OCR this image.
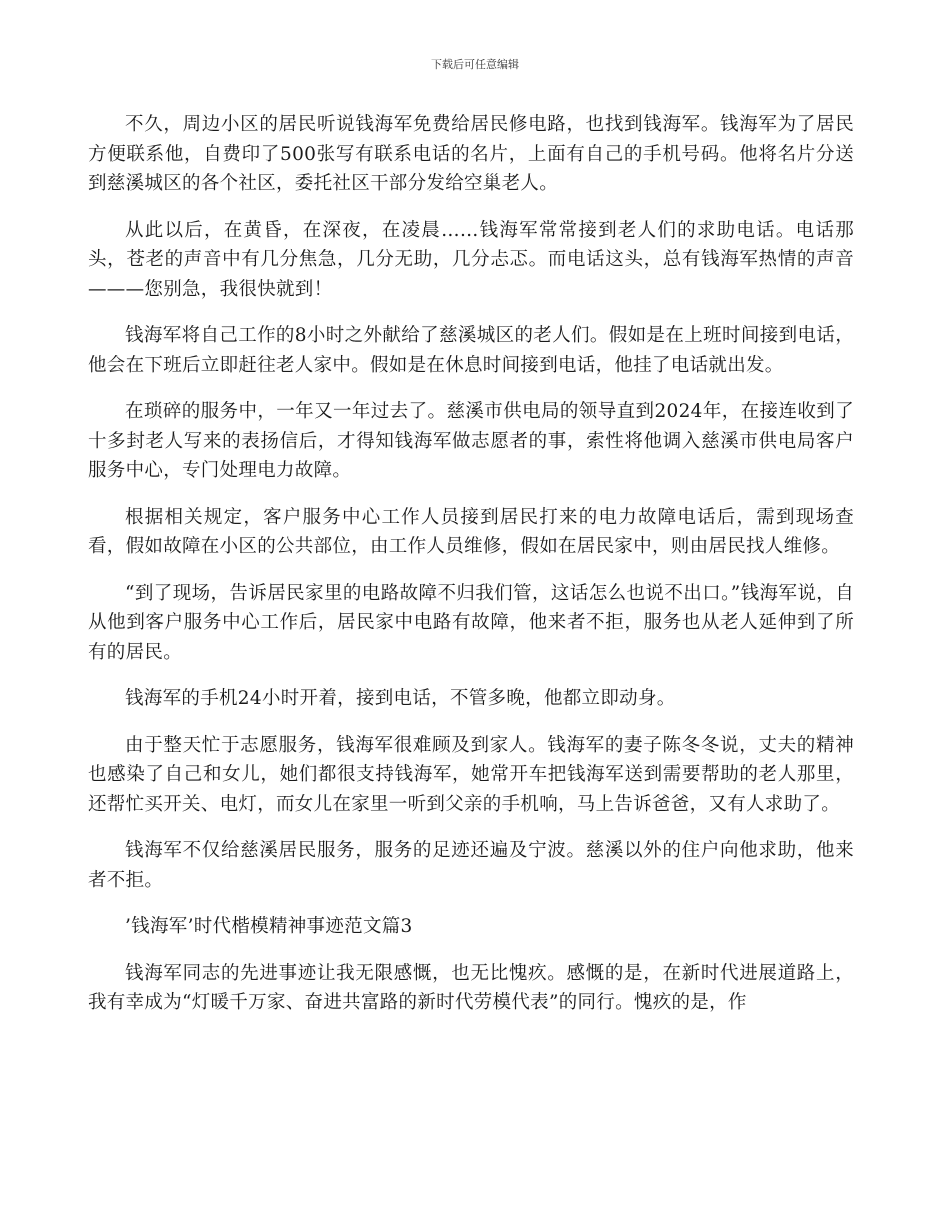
下载后可任意编辑

不久，周边小区的居民听说钱海军免费给居民修电路，也找到钱海军。钱海军为了居民方便联系他，自费印了500张写有联系电话的名片，上面有自己的手机号码。他将名片分送到慈溪城区的各个社区，委托社区干部分发给空巢老人。

从此以后，在黄昏，在深夜，在凌晨……钱海军常常接到老人们的求助电话。电话那头，苍老的声音中有几分焦急，几分无助，几分忐忑。而电话这头，总有钱海军热情的声音———您别急，我很快就到！

钱海军将自己工作的8小时之外献给了慈溪城区的老人们。假如是在上班时间接到电话，他会在下班后立即赶往老人家中。假如是在休息时间接到电话，他挂了电话就出发。

在琐碎的服务中，一年又一年过去了。慈溪市供电局的领导直到2024年，在接连收到了十多封老人写来的表扬信后，才得知钱海军做志愿者的事，索性将他调入慈溪市供电局客户服务中心，专门处理电力故障。

根据相关规定，客户服务中心工作人员接到居民打来的电力故障电话后，需到现场查看，假如故障在小区的公共部位，由工作人员维修，假如在居民家中，则由居民找人维修。

“到了现场，告诉居民家里的电路故障不归我们管，这话怎么也说不出口。”钱海军说，自从他到客户服务中心工作后，居民家中电路有故障，他来者不拒，服务也从老人延伸到了所有的居民。

钱海军的手机24小时开着，接到电话，不管多晚，他都立即动身。

由于整天忙于志愿服务，钱海军很难顾及到家人。钱海军的妻子陈冬冬说，丈夫的精神也感染了自己和女儿，她们都很支持钱海军，她常开车把钱海军送到需要帮助的老人那里，还帮忙买开关、电灯，而女儿在家里一听到父亲的手机响，马上告诉爸爸，又有人求助了。

钱海军不仅给慈溪居民服务，服务的足迹还遍及宁波。慈溪以外的住户向他求助，他来者不拒。

’钱海军’时代楷模精神事迹范文篇3

钱海军同志的先进事迹让我无限感慨，也无比愧疚。感慨的是，在新时代进展道路上，我有幸成为“灯暖千万家、奋进共富路的新时代劳模代表”的同行。愧疚的是，作
